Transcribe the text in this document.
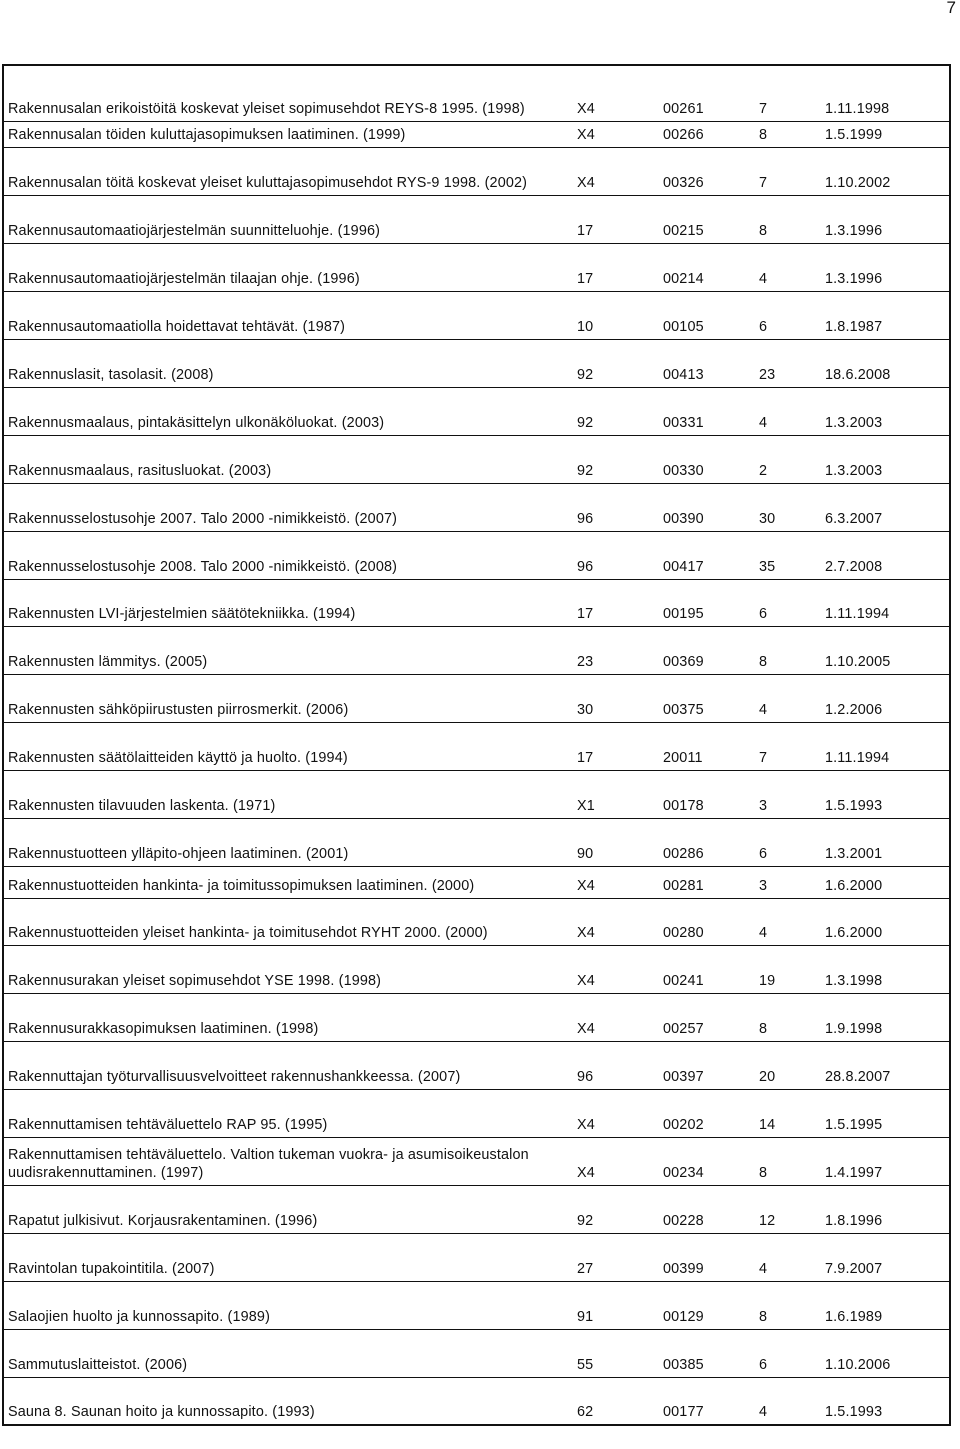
7
Rakennusalan erikoistöitä koskevat yleiset sopimusehdot REYS-8 1995. (1998)	X4	00261	7	1.11.1998
Rakennusalan töiden kuluttajasopimuksen laatiminen. (1999)	X4	00266	8	1.5.1999
Rakennusalan töitä koskevat yleiset kuluttajasopimusehdot RYS-9 1998. (2002)	X4	00326	7	1.10.2002
Rakennusautomaatiojärjestelmän suunnitteluohje. (1996)	17	00215	8	1.3.1996
Rakennusautomaatiojärjestelmän tilaajan ohje. (1996)	17	00214	4	1.3.1996
Rakennusautomaatiolla hoidettavat tehtävät. (1987)	10	00105	6	1.8.1987
Rakennuslasit, tasolasit. (2008)	92	00413	23	18.6.2008
Rakennusmaalaus, pintakäsittelyn ulkonäköluokat. (2003)	92	00331	4	1.3.2003
Rakennusmaalaus, rasitusluokat. (2003)	92	00330	2	1.3.2003
Rakennusselostusohje 2007. Talo 2000 -nimikkeistö. (2007)	96	00390	30	6.3.2007
Rakennusselostusohje 2008. Talo 2000 -nimikkeistö. (2008)	96	00417	35	2.7.2008
Rakennusten LVI-järjestelmien säätötekniikka. (1994)	17	00195	6	1.11.1994
Rakennusten lämmitys. (2005)	23	00369	8	1.10.2005
Rakennusten sähköpiirustusten piirrosmerkit. (2006)	30	00375	4	1.2.2006
Rakennusten säätölaitteiden käyttö ja huolto. (1994)	17	20011	7	1.11.1994
Rakennusten tilavuuden laskenta. (1971)	X1	00178	3	1.5.1993
Rakennustuotteen ylläpito-ohjeen laatiminen. (2001)	90	00286	6	1.3.2001
Rakennustuotteiden hankinta- ja toimitussopimuksen laatiminen. (2000)	X4	00281	3	1.6.2000
Rakennustuotteiden yleiset hankinta- ja toimitusehdot RYHT 2000. (2000)	X4	00280	4	1.6.2000
Rakennusurakan yleiset sopimusehdot YSE 1998. (1998)	X4	00241	19	1.3.1998
Rakennusurakkasopimuksen laatiminen. (1998)	X4	00257	8	1.9.1998
Rakennuttajan työturvallisuusvelvoitteet rakennushankkeessa. (2007)	96	00397	20	28.8.2007
Rakennuttamisen tehtäväluettelo RAP 95. (1995)	X4	00202	14	1.5.1995
Rakennuttamisen tehtäväluettelo. Valtion tukeman vuokra- ja asumisoikeustalon uudisrakennuttaminen. (1997)	X4	00234	8	1.4.1997
Rapatut julkisivut. Korjausrakentaminen. (1996)	92	00228	12	1.8.1996
Ravintolan tupakointitila. (2007)	27	00399	4	7.9.2007
Salaojien huolto ja kunnossapito. (1989)	91	00129	8	1.6.1989
Sammutuslaitteistot. (2006)	55	00385	6	1.10.2006
Sauna 8. Saunan hoito ja kunnossapito. (1993)	62	00177	4	1.5.1993
